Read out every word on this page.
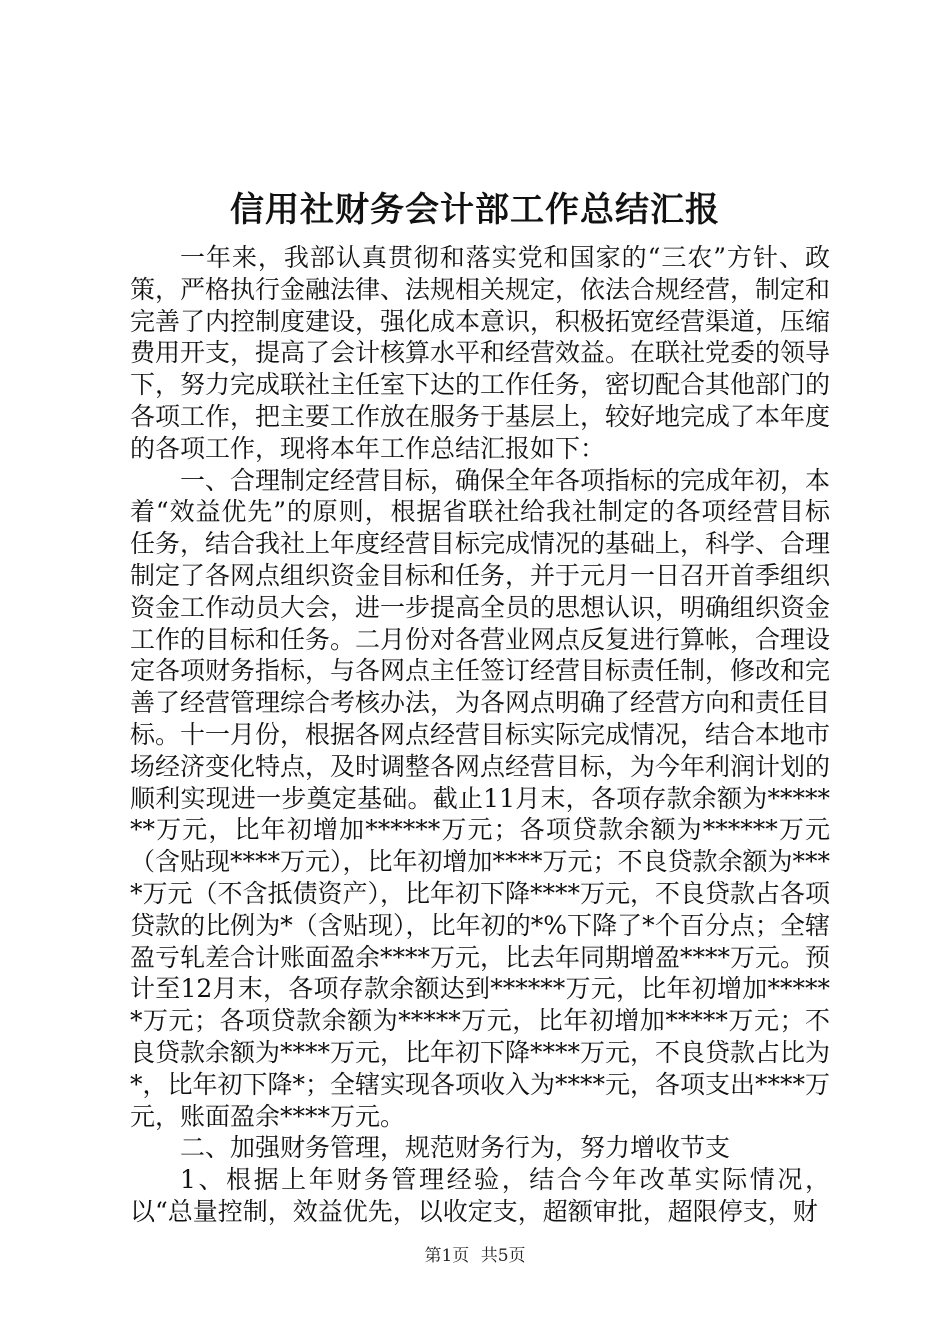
信用社财务会计部工作总结汇报

一年来，我部认真贯彻和落实党和国家的“三农”方针、政策，严格执行金融法律、法规相关规定，依法合规经营，制定和完善了内控制度建设，强化成本意识，积极拓宽经营渠道，压缩费用开支，提高了会计核算水平和经营效益。在联社党委的领导下，努力完成联社主任室下达的工作任务，密切配合其他部门的各项工作，把主要工作放在服务于基层上，较好地完成了本年度的各项工作，现将本年工作总结汇报如下：

一、合理制定经营目标，确保全年各项指标的完成年初，本着“效益优先”的原则，根据省联社给我社制定的各项经营目标任务，结合我社上年度经营目标完成情况的基础上，科学、合理制定了各网点组织资金目标和任务，并于元月一日召开首季组织资金工作动员大会，进一步提高全员的思想认识，明确组织资金工作的目标和任务。二月份对各营业网点反复进行算帐，合理设定各项财务指标，与各网点主任签订经营目标责任制，修改和完善了经营管理综合考核办法，为各网点明确了经营方向和责任目标。十一月份，根据各网点经营目标实际完成情况，结合本地市场经济变化特点，及时调整各网点经营目标，为今年利润计划的顺利实现进一步奠定基础。截止11月末，各项存款余额为*******万元，比年初增加******万元；各项贷款余额为******万元（含贴现****万元），比年初增加****万元；不良贷款余额为****万元（不含抵债资产），比年初下降****万元，不良贷款占各项贷款的比例为*（含贴现），比年初的*%下降了*个百分点；全辖盈亏轧差合计账面盈余****万元，比去年同期增盈****万元。预计至12月末，各项存款余额达到******万元，比年初增加******万元；各项贷款余额为*****万元，比年初增加*****万元；不良贷款余额为****万元，比年初下降****万元，不良贷款占比为*，比年初下降*；全辖实现各项收入为****元，各项支出****万元，账面盈余****万元。

二、加强财务管理，规范财务行为，努力增收节支

1、根据上年财务管理经验，结合今年改革实际情况，以“总量控制，效益优先，以收定支，超额审批，超限停支，财

第1页 共5页
